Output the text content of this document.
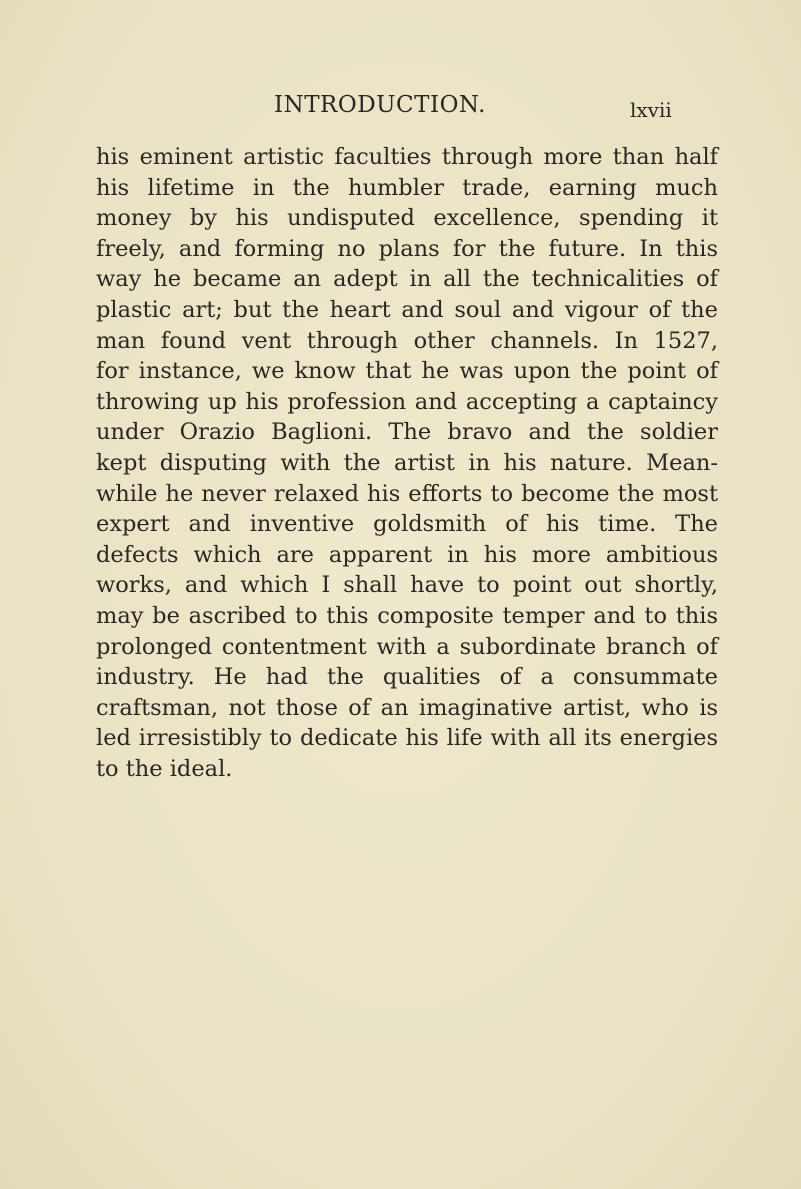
INTRODUCTION.	lxvii
his eminent artistic faculties through more than half
his lifetime in the humbler trade, earning much
money by his undisputed excellence, spending it
freely, and forming no plans for the future. In this
way he became an adept in all the technicalities of
plastic art; but the heart and soul and vigour of the
man found vent through other channels. In 1527,
for instance, we know that he was upon the point of
throwing up his profession and accepting a captaincy
under Orazio Baglioni. The bravo and the soldier
kept disputing with the artist in his nature. Mean-
while he never relaxed his efforts to become the most
expert and inventive goldsmith of his time. The
defects which are apparent in his more ambitious
works, and which I shall have to point out shortly,
may be ascribed to this composite temper and to this
prolonged contentment with a subordinate branch of
industry. He had the qualities of a consummate
craftsman, not those of an imaginative artist, who is
led irresistibly to dedicate his life with all its energies
to the ideal.
